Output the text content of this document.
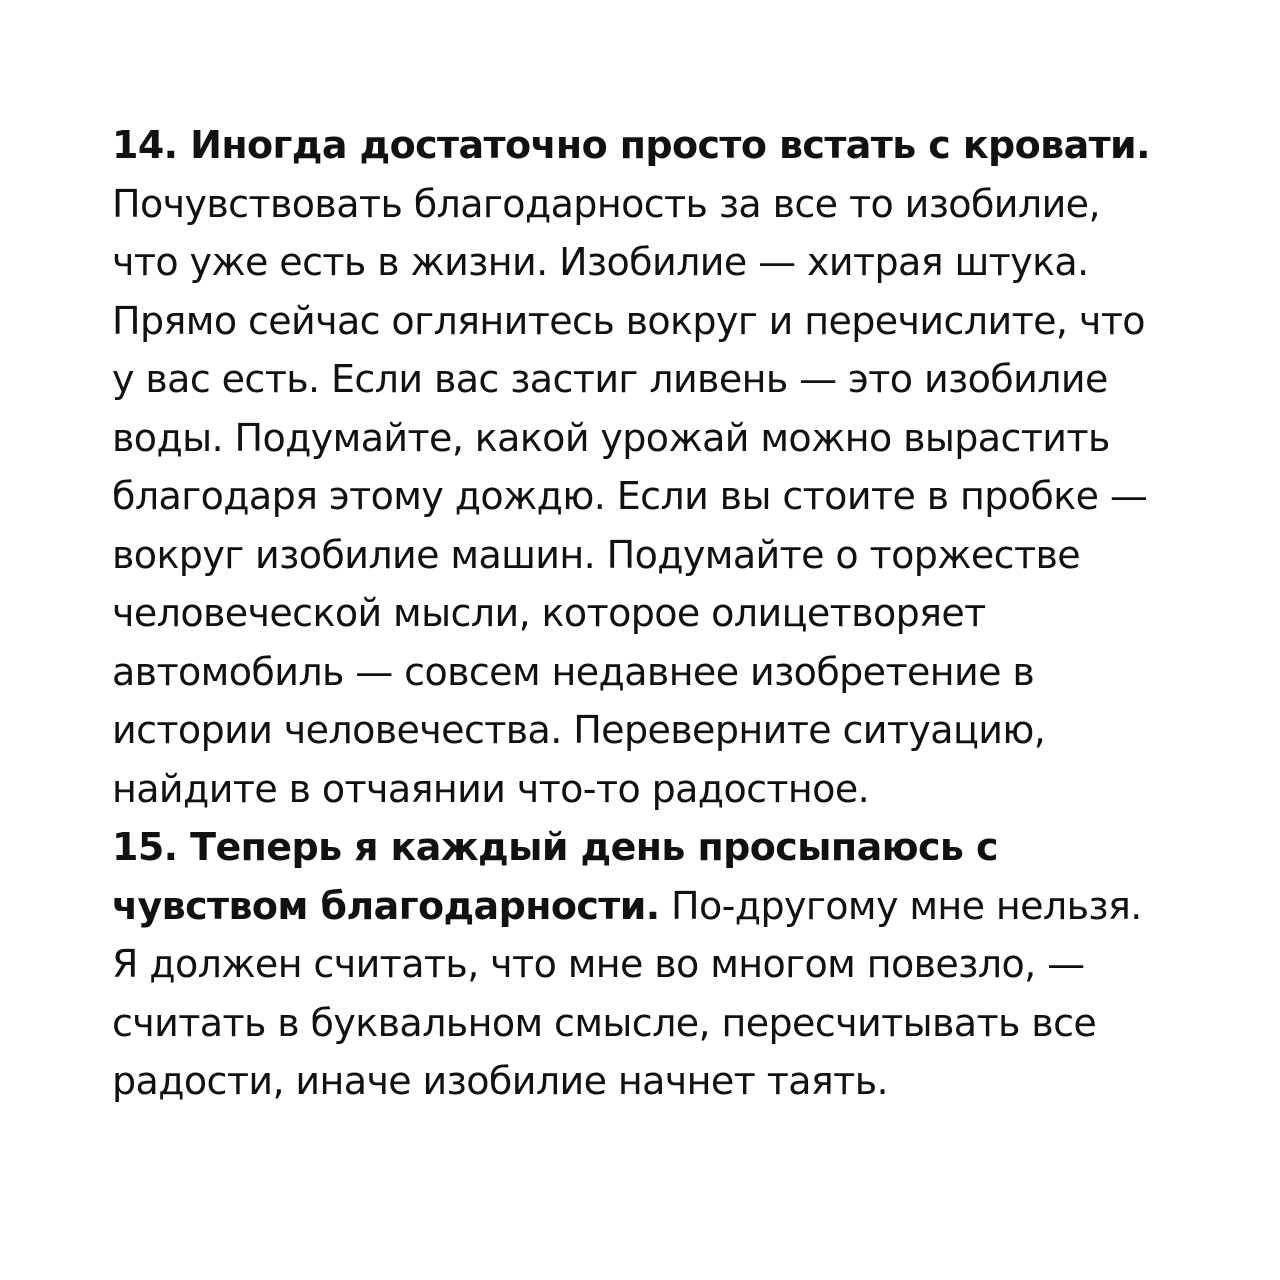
14. Иногда достаточно просто встать с кровати.
Почувствовать благодарность за все то изобилие,
что уже есть в жизни. Изобилие — хитрая штука.
Прямо сейчас оглянитесь вокруг и перечислите, что
у вас есть. Если вас застиг ливень — это изобилие
воды. Подумайте, какой урожай можно вырастить
благодаря этому дождю. Если вы стоите в пробке —
вокруг изобилие машин. Подумайте о торжестве
человеческой мысли, которое олицетворяет
автомобиль — совсем недавнее изобретение в
истории человечества. Переверните ситуацию,
найдите в отчаянии что-то радостное.
15. Теперь я каждый день просыпаюсь с
чувством благодарности. По-другому мне нельзя.
Я должен считать, что мне во многом повезло, —
считать в буквальном смысле, пересчитывать все
радости, иначе изобилие начнет таять.
